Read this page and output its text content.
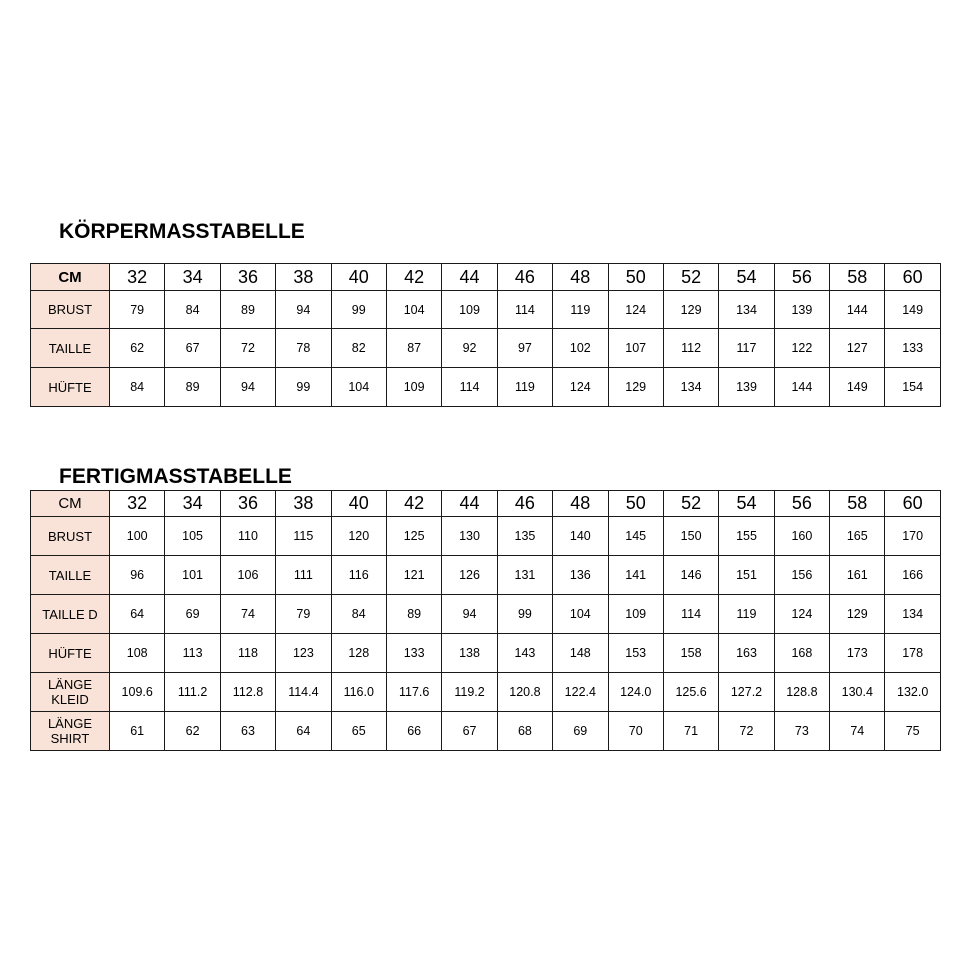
KÖRPERMASSTABELLE
CM	32	34	36	38	40	42	44	46	48	50	52	54	56	58	60
BRUST	79	84	89	94	99	104	109	114	119	124	129	134	139	144	149
TAILLE	62	67	72	78	82	87	92	97	102	107	112	117	122	127	133
HÜFTE	84	89	94	99	104	109	114	119	124	129	134	139	144	149	154
FERTIGMASSTABELLE
CM	32	34	36	38	40	42	44	46	48	50	52	54	56	58	60
BRUST	100	105	110	115	120	125	130	135	140	145	150	155	160	165	170
TAILLE	96	101	106	111	116	121	126	131	136	141	146	151	156	161	166
TAILLE D	64	69	74	79	84	89	94	99	104	109	114	119	124	129	134
HÜFTE	108	113	118	123	128	133	138	143	148	153	158	163	168	173	178
LÄNGE KLEID	109.6	111.2	112.8	114.4	116.0	117.6	119.2	120.8	122.4	124.0	125.6	127.2	128.8	130.4	132.0
LÄNGE SHIRT	61	62	63	64	65	66	67	68	69	70	71	72	73	74	75
